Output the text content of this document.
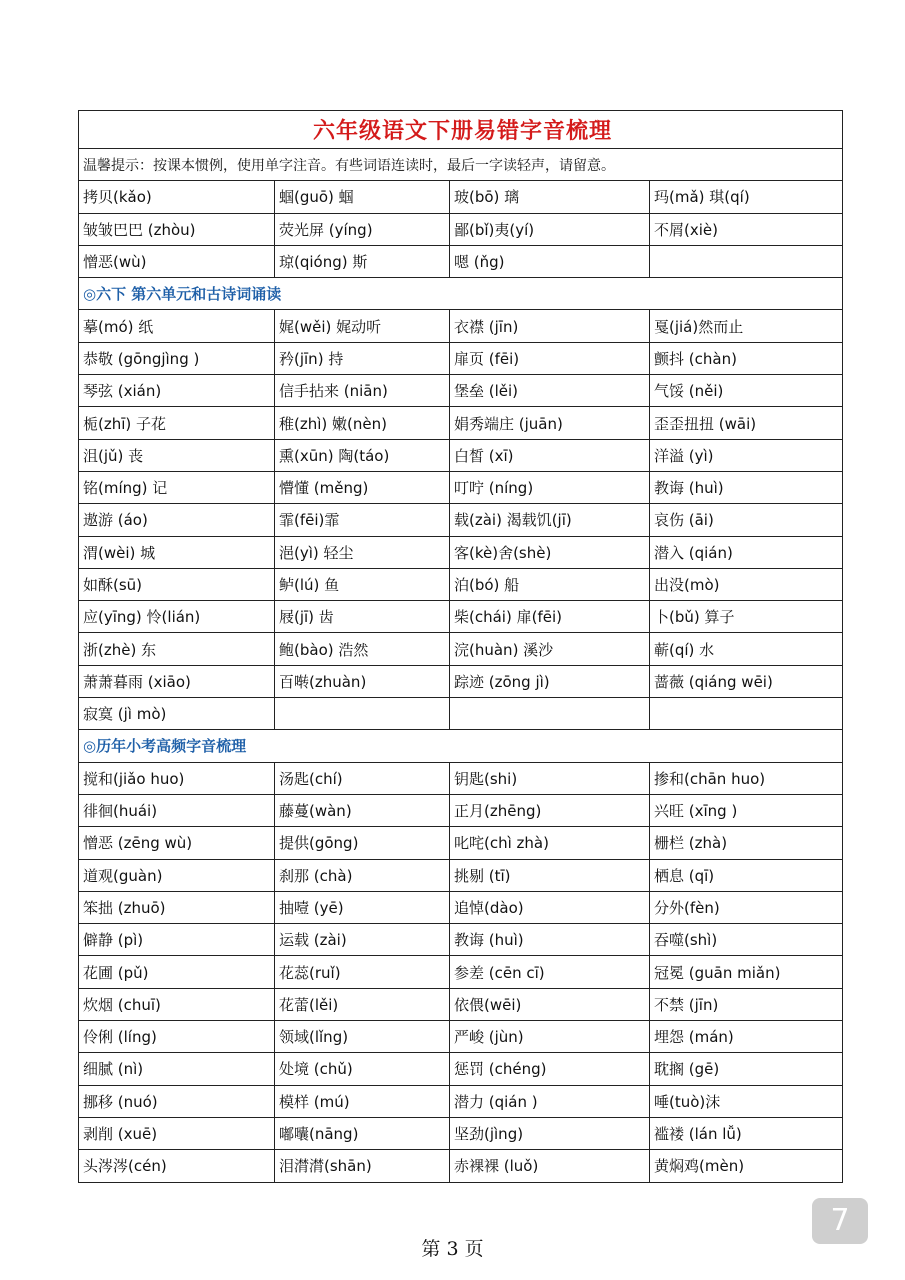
六年级语文下册易错字音梳理			
温馨提示：按课本惯例，使用单字注音。有些词语连读时，最后一字读轻声，请留意。			
拷贝(kǎo)	蝈(guō) 蝈	玻(bō) 璃	玛(mǎ) 琪(qí)
皱皱巴巴 (zhòu)	荧光屏 (yíng)	鄙(bǐ)夷(yí)	不屑(xiè)
憎恶(wù)	琼(qióng) 斯	嗯 (ňg)	
◎六下 第六单元和古诗词诵读			
摹(mó) 纸	娓(wěi) 娓动听	衣襟 (jīn)	戛(jiá)然而止
恭敬 (gōngjìng )	矜(jīn) 持	扉页 (fēi)	颤抖 (chàn)
琴弦 (xián)	信手拈来 (niān)	堡垒 (lěi)	气馁 (něi)
栀(zhī) 子花	稚(zhì) 嫩(nèn)	娟秀端庄 (juān)	歪歪扭扭 (wāi)
沮(jǔ) 丧	熏(xūn) 陶(táo)	白皙 (xī)	洋溢 (yì)
铭(míng) 记	懵懂 (měng)	叮咛 (níng)	教诲 (huì)
遨游 (áo)	霏(fēi)霏	载(zài) 渴载饥(jī)	哀伤 (āi)
渭(wèi) 城	浥(yì) 轻尘	客(kè)舍(shè)	潜入 (qián)
如酥(sū)	鲈(lú) 鱼	泊(bó) 船	出没(mò)
应(yīng) 怜(lián)	屐(jī) 齿	柴(chái) 扉(fēi)	卜(bǔ) 算子
浙(zhè) 东	鲍(bào) 浩然	浣(huàn) 溪沙	蕲(qí) 水
萧萧暮雨 (xiāo)	百啭(zhuàn)	踪迹 (zōng jì)	蔷薇 (qiáng wēi)
寂寞 (jì mò)			
◎历年小考高频字音梳理			
搅和(jiǎo huo)	汤匙(chí)	钥匙(shi)	掺和(chān huo)
徘徊(huái)	藤蔓(wàn)	正月(zhēng)	兴旺 (xīng )
憎恶 (zēng wù)	提供(gōng)	叱咤(chì zhà)	栅栏 (zhà)
道观(guàn)	刹那 (chà)	挑剔 (tī)	栖息 (qī)
笨拙 (zhuō)	抽噎 (yē)	追悼(dào)	分外(fèn)
僻静 (pì)	运载 (zài)	教诲 (huì)	吞噬(shì)
花圃 (pǔ)	花蕊(ruǐ)	参差 (cēn cī)	冠冕 (guān miǎn)
炊烟 (chuī)	花蕾(lěi)	依偎(wēi)	不禁 (jīn)
伶俐 (líng)	领域(lǐng)	严峻 (jùn)	埋怨 (mán)
细腻 (nì)	处境 (chǔ)	惩罚 (chéng)	耽搁 (gē)
挪移 (nuó)	模样 (mú)	潜力 (qián )	唾(tuò)沫
剥削 (xuē)	嘟囔(nāng)	坚劲(jìng)	褴褛 (lán lǚ)
头涔涔(cén)	泪潸潸(shān)	赤裸裸 (luǒ)	黄焖鸡(mèn)
第 3 页
7
